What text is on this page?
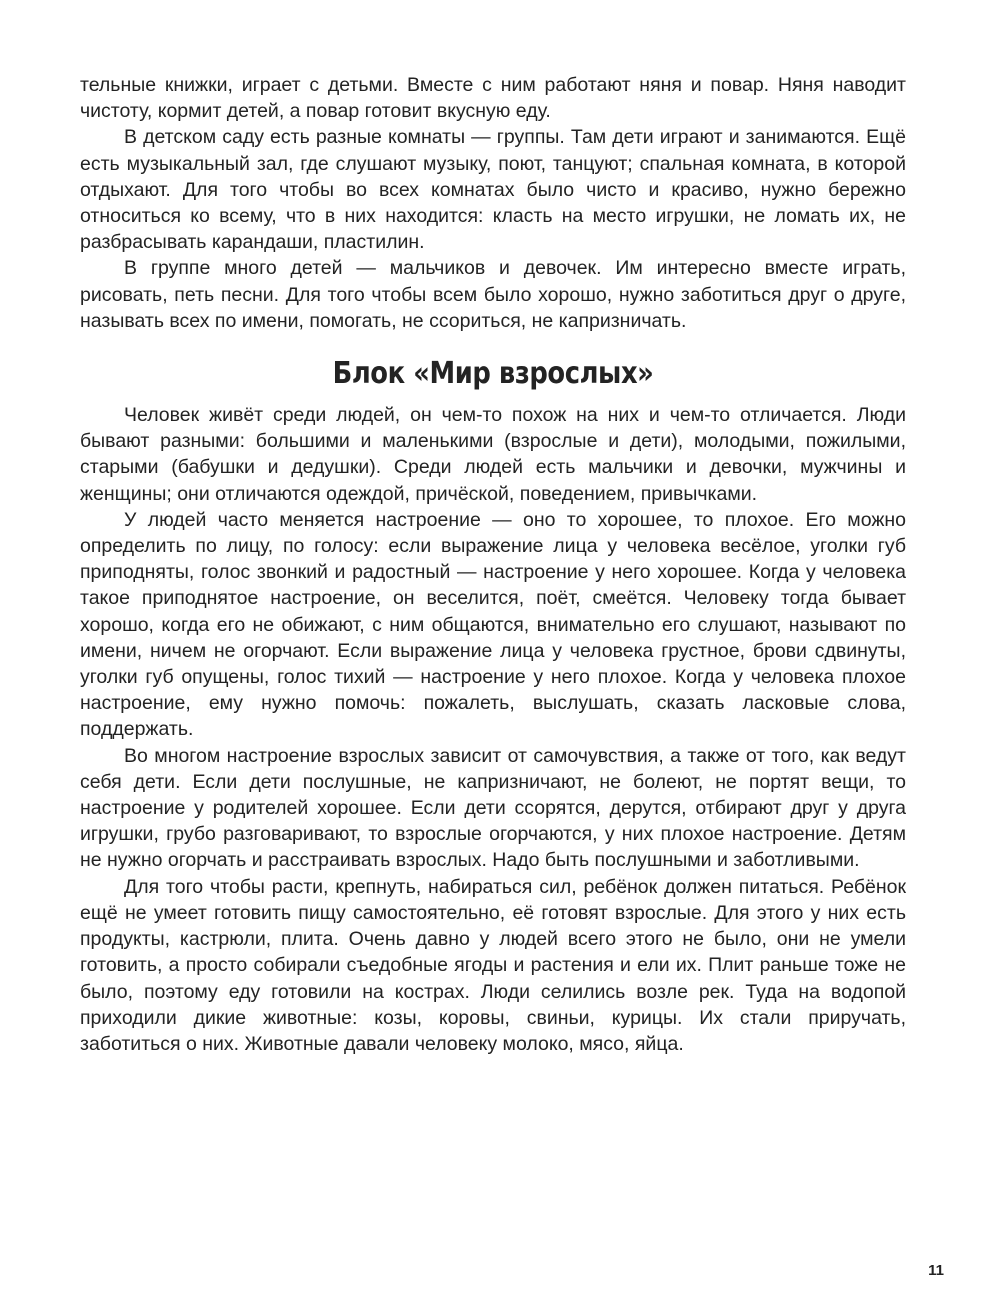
тельные книжки, играет с детьми. Вместе с ним работают няня и повар. Няня наводит чистоту, кормит детей, а повар готовит вкусную еду.

В детском саду есть разные комнаты — группы. Там дети играют и занимаются. Ещё есть музыкальный зал, где слушают музыку, поют, танцуют; спальная комната, в которой отдыхают. Для того чтобы во всех комнатах было чисто и красиво, нужно бережно относиться ко всему, что в них находится: класть на место игрушки, не ломать их, не разбрасывать карандаши, пластилин.

В группе много детей — мальчиков и девочек. Им интересно вместе играть, рисовать, петь песни. Для того чтобы всем было хорошо, нужно заботиться друг о друге, называть всех по имени, помогать, не ссориться, не капризничать.

Блок «Мир взрослых»

Человек живёт среди людей, он чем-то похож на них и чем-то отличается. Люди бывают разными: большими и маленькими (взрослые и дети), молодыми, пожилыми, старыми (бабушки и дедушки). Среди людей есть мальчики и девочки, мужчины и женщины; они отличаются одеждой, причёской, поведением, привычками.

У людей часто меняется настроение — оно то хорошее, то плохое. Его можно определить по лицу, по голосу: если выражение лица у человека весёлое, уголки губ приподняты, голос звонкий и радостный — настроение у него хорошее. Когда у человека такое приподнятое настроение, он веселится, поёт, смеётся. Человеку тогда бывает хорошо, когда его не обижают, с ним общаются, внимательно его слушают, называют по имени, ничем не огорчают. Если выражение лица у человека грустное, брови сдвинуты, уголки губ опущены, голос тихий — настроение у него плохое. Когда у человека плохое настроение, ему нужно помочь: пожалеть, выслушать, сказать ласковые слова, поддержать.

Во многом настроение взрослых зависит от самочувствия, а также от того, как ведут себя дети. Если дети послушные, не капризничают, не болеют, не портят вещи, то настроение у родителей хорошее. Если дети ссорятся, дерутся, отбирают друг у друга игрушки, грубо разговаривают, то взрослые огорчаются, у них плохое настроение. Детям не нужно огорчать и расстраивать взрослых. Надо быть послушными и заботливыми.

Для того чтобы расти, крепнуть, набираться сил, ребёнок должен питаться. Ребёнок ещё не умеет готовить пищу самостоятельно, её готовят взрослые. Для этого у них есть продукты, кастрюли, плита. Очень давно у людей всего этого не было, они не умели готовить, а просто собирали съедобные ягоды и растения и ели их. Плит раньше тоже не было, поэтому еду готовили на кострах. Люди селились возле рек. Туда на водопой приходили дикие животные: козы, коровы, свиньи, курицы. Их стали приручать, заботиться о них. Животные давали человеку молоко, мясо, яйца.

11
